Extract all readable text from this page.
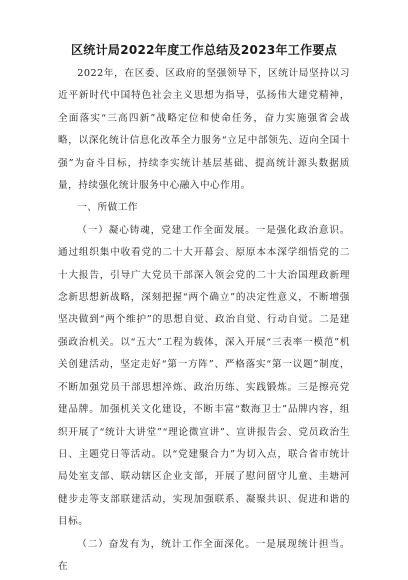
区统计局2022年度工作总结及2023年工作要点

2022年，在区委、区政府的坚强领导下，区统计局坚持以习近平新时代中国特色社会主义思想为指导，弘扬伟大建党精神，全面落实“三高四新”战略定位和使命任务，奋力实施强省会战略，以深化统计信息化改革全力服务“立足中部领先、迈向全国十强”为奋斗目标，持续李实统计基层基础、提高统计源头数据质量，持续强化统计服务中心融入中心作用。

一、所做工作

（一）凝心铸魂，党建工作全面发展。一是强化政治意识。通过组织集中收看党的二十大开幕会、原原本本深学细悟党的二十大报告，引导广大党员干部深入领会党的二十大治国理政新理念新思想新战略，深刻把握“两个确立”的决定性意义，不断增强坚决做到“两个维护”的思想自觉、政治自觉、行动自觉。二是建强政治机关。以“五大”工程为载体，深入开展“三表率一模范”机关创建活动，坚定走好“第一方阵”、严格落实“第一议题”制度，不断加强党员干部思想淬炼、政治历练、实践锻炼。三是擦亮党建品牌。加强机关文化建设，不断丰富“数海卫士”品牌内容，组织开展了“统计大讲堂”“理论微宣讲”、宣讲报告会、党员政治生日、主题党日等活动。以“党建聚合力”为切入点，联合省市统计局处室支部、联动辖区企业支部，开展了慰问留守儿童、圭塘河健步走等支部联建活动，实现加强联系、凝聚共识、促进和谐的目标。

（二）奋发有为，统计工作全面深化。一是展现统计担当。在
